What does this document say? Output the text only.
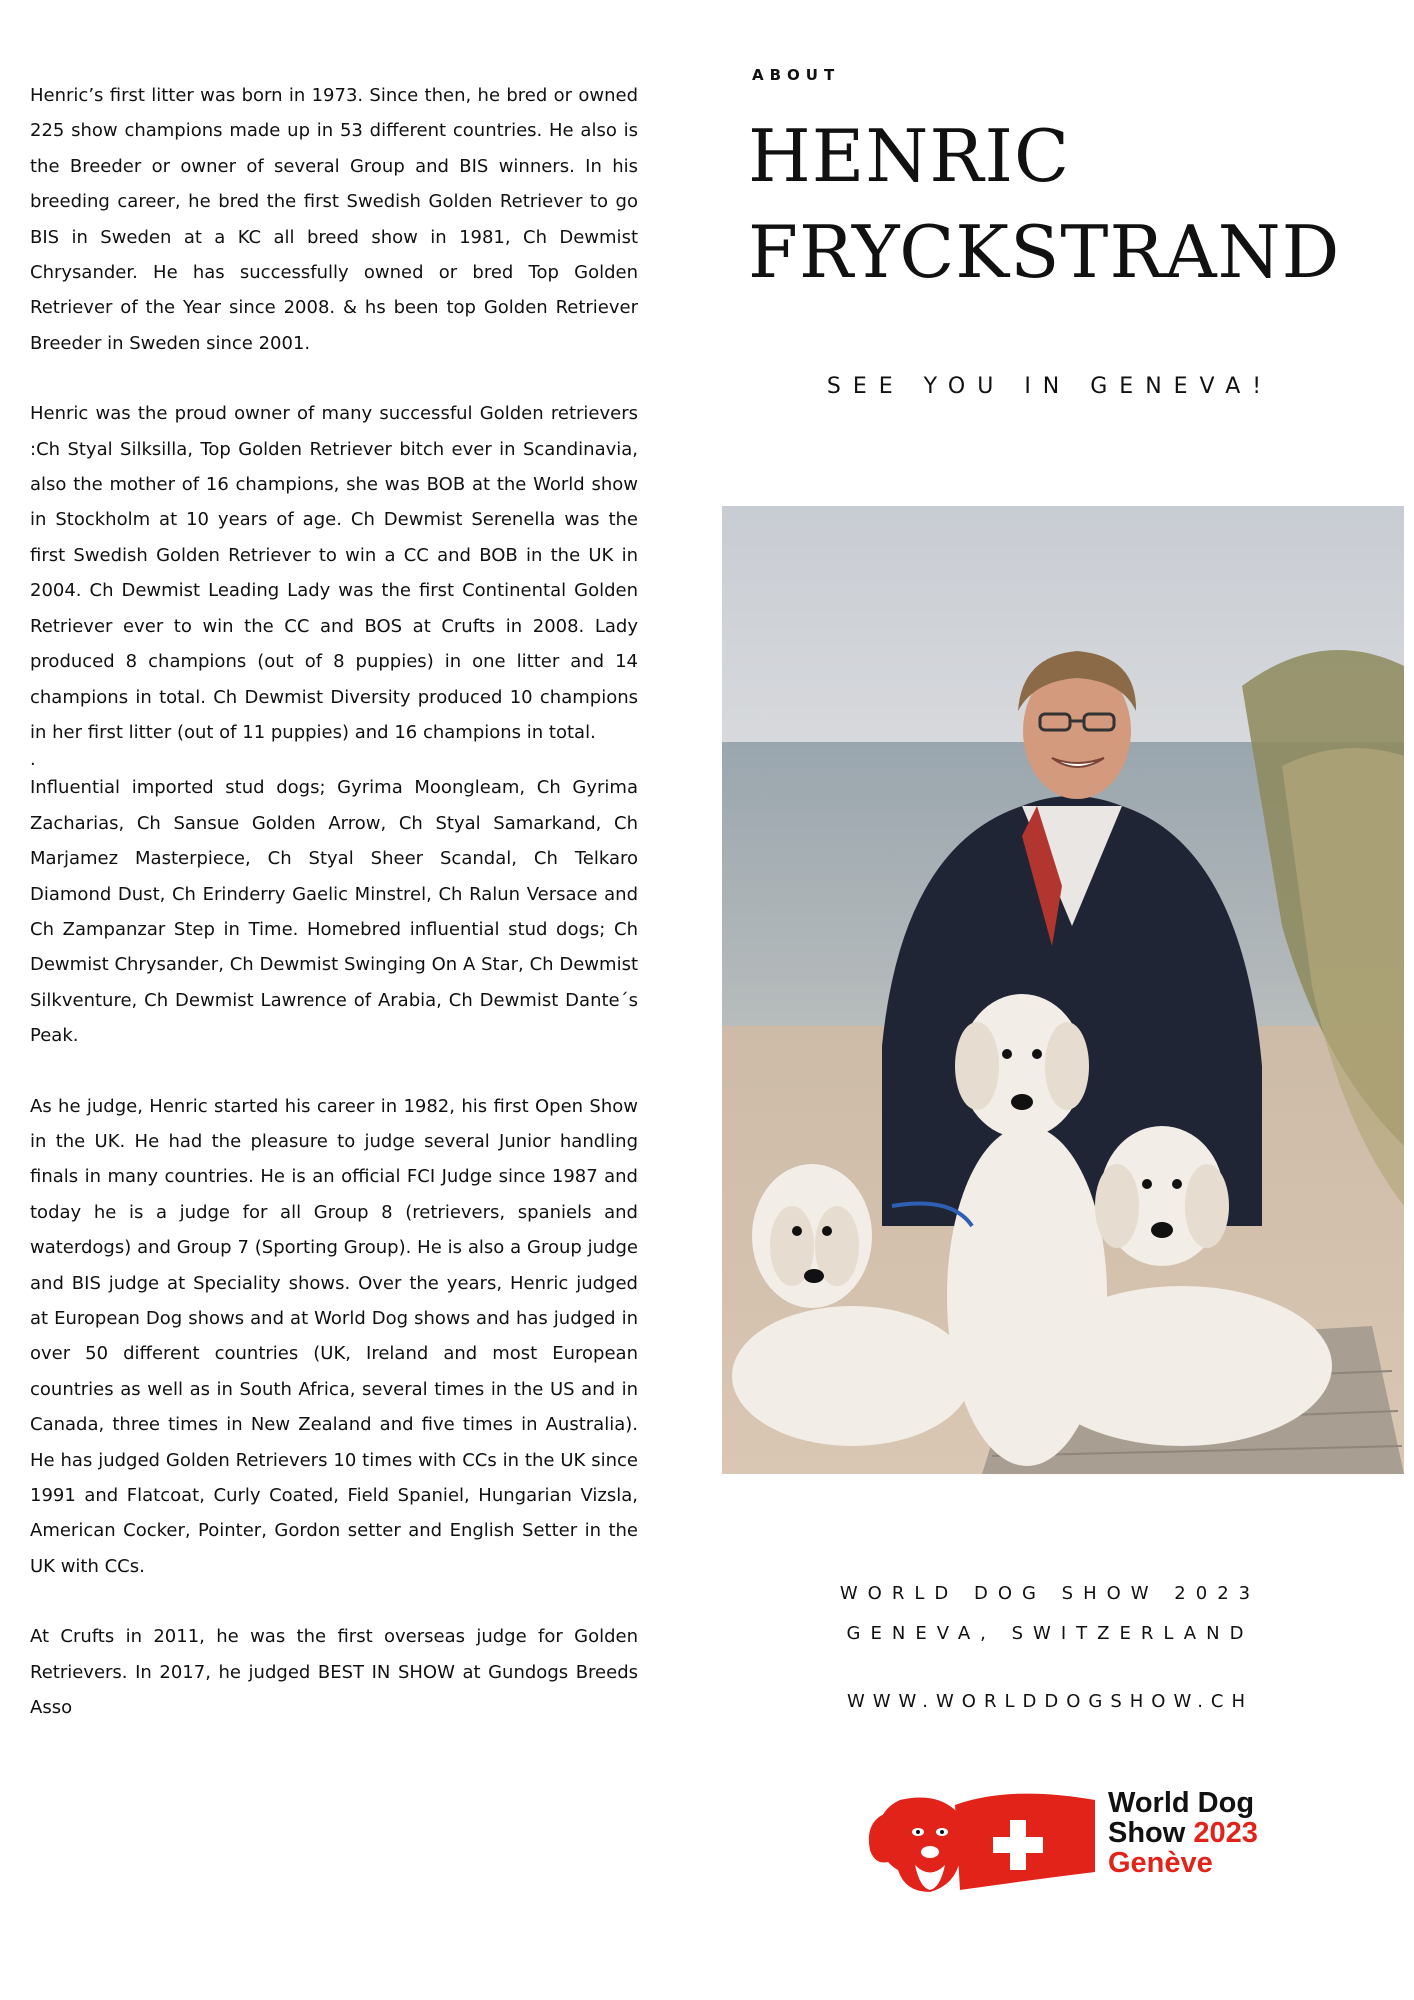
Henric’s first litter was born in 1973. Since then, he bred or owned 225 show champions made up in 53 different countries. He also is the Breeder or owner of several Group and BIS winners. In his breeding career, he bred the first Swedish Golden Retriever to go BIS in Sweden at a KC all breed show in 1981, Ch Dewmist Chrysander. He has successfully owned or bred Top Golden Retriever of the Year since 2008. & hs been top Golden Retriever Breeder in Sweden since 2001.

Henric was the proud owner of many successful Golden retrievers :Ch Styal Silksilla, Top Golden Retriever bitch ever in Scandinavia, also the mother of 16 champions, she was BOB at the World show in Stockholm at 10 years of age. Ch Dewmist Serenella was the first Swedish Golden Retriever to win a CC and BOB in the UK in 2004. Ch Dewmist Leading Lady was the first Continental Golden Retriever ever to win the CC and BOS at Crufts in 2008. Lady produced 8 champions (out of 8 puppies) in one litter and 14 champions in total. Ch Dewmist Diversity produced 10 champions in her first litter (out of 11 puppies) and 16 champions in total.

.

Influential imported stud dogs; Gyrima Moongleam, Ch Gyrima Zacharias, Ch Sansue Golden Arrow, Ch Styal Samarkand, Ch Marjamez Masterpiece, Ch Styal Sheer Scandal, Ch Telkaro Diamond Dust, Ch Erinderry Gaelic Minstrel, Ch Ralun Versace and Ch Zampanzar Step in Time. Homebred influential stud dogs; Ch Dewmist Chrysander, Ch Dewmist Swinging On A Star, Ch Dewmist Silkventure, Ch Dewmist Lawrence of Arabia, Ch Dewmist Dante´s Peak.

As he judge, Henric started his career in 1982, his first Open Show in the UK. He had the pleasure to judge several Junior handling finals in many countries. He is an official FCI Judge since 1987 and today he is a judge for all Group 8 (retrievers, spaniels and waterdogs) and Group 7 (Sporting Group). He is also a Group judge and BIS judge at Speciality shows. Over the years, Henric judged at European Dog shows and at World Dog shows and has judged in over 50 different countries (UK, Ireland and most European countries as well as in South Africa, several times in the US and in Canada, three times in New Zealand and five times in Australia). He has judged Golden Retrievers 10 times with CCs in the UK since 1991 and Flatcoat, Curly Coated, Field Spaniel, Hungarian Vizsla, American Cocker, Pointer, Gordon setter and English Setter in the UK with CCs.

At Crufts in 2011, he was the first overseas judge for Golden Retrievers. In 2017, he judged BEST IN SHOW at Gundogs Breeds Asso

ABOUT

HENRIC
FRYCKSTRAND

SEE YOU IN GENEVA!

WORLD DOG SHOW 2023

GENEVA, SWITZERLAND

WWW.WORLDDOGSHOW.CH

World Dog
Show 2023
Genève
